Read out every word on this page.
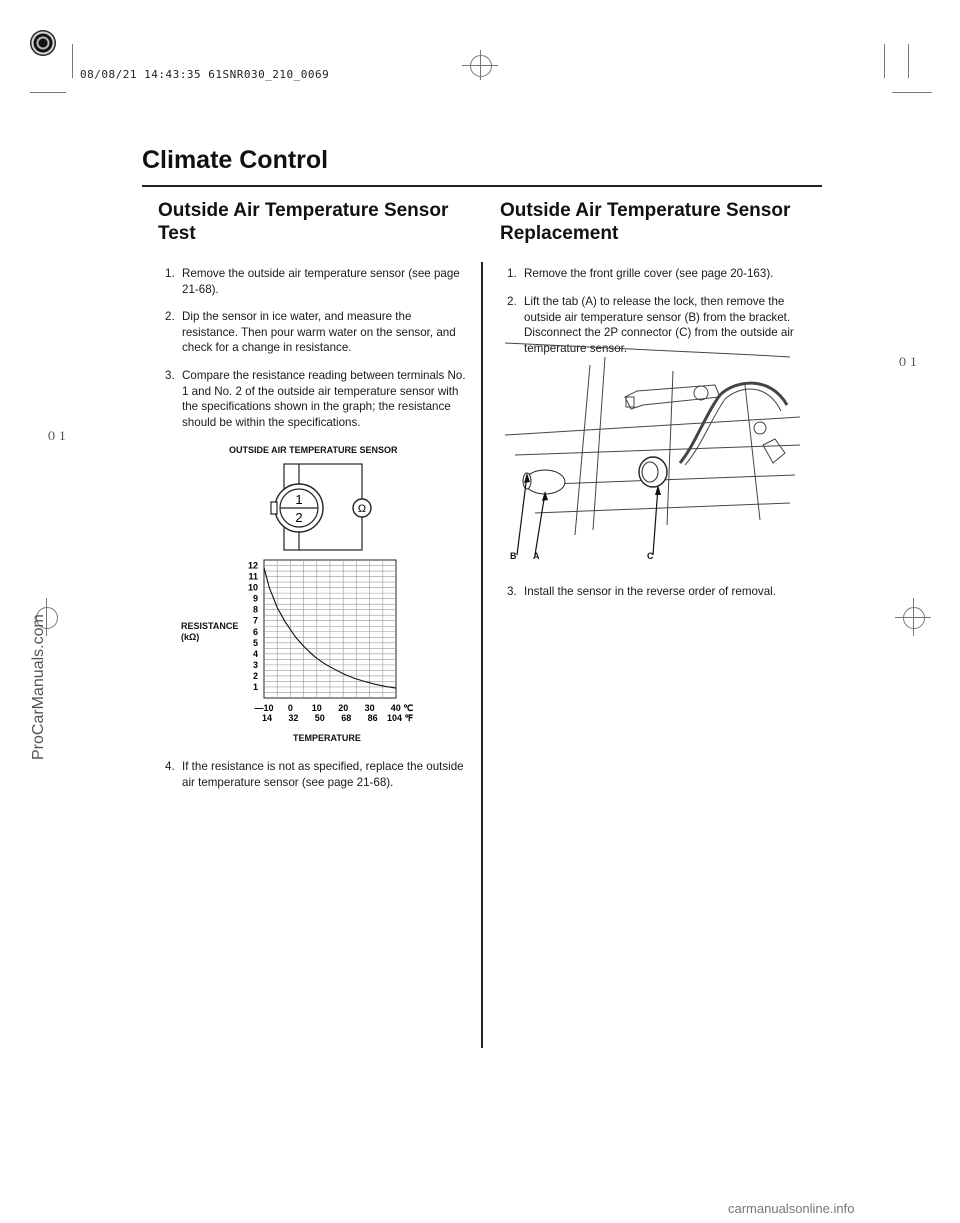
08/08/21 14:43:35 61SNR030_210_0069
Climate Control
Outside Air Temperature Sensor
Test
1. Remove the outside air temperature sensor (see page 21-68).
2. Dip the sensor in ice water, and measure the resistance. Then pour warm water on the sensor, and check for a change in resistance.
3. Compare the resistance reading between terminals No. 1 and No. 2 of the outside air temperature sensor with the specifications shown in the graph; the resistance should be within the specifications.
OUTSIDE AIR TEMPERATURE SENSOR
1
2
Ω
RESISTANCE
(kΩ)
12
11
10
9
8
7
6
5
4
3
2
1
—10 0 10 20 30 40 ℃
14 32 50 68 86 104 ℉
TEMPERATURE
4. If the resistance is not as specified, replace the outside air temperature sensor (see page 21-68).
Outside Air Temperature Sensor
Replacement
1. Remove the front grille cover (see page 20-163).
2. Lift the tab (A) to release the lock, then remove the outside air temperature sensor (B) from the bracket. Disconnect the 2P connector (C) from the outside air temperature sensor.
B A	C
3. Install the sensor in the reverse order of removal.
０１
０１
ProCarManuals.com
carmanualsonline.info
